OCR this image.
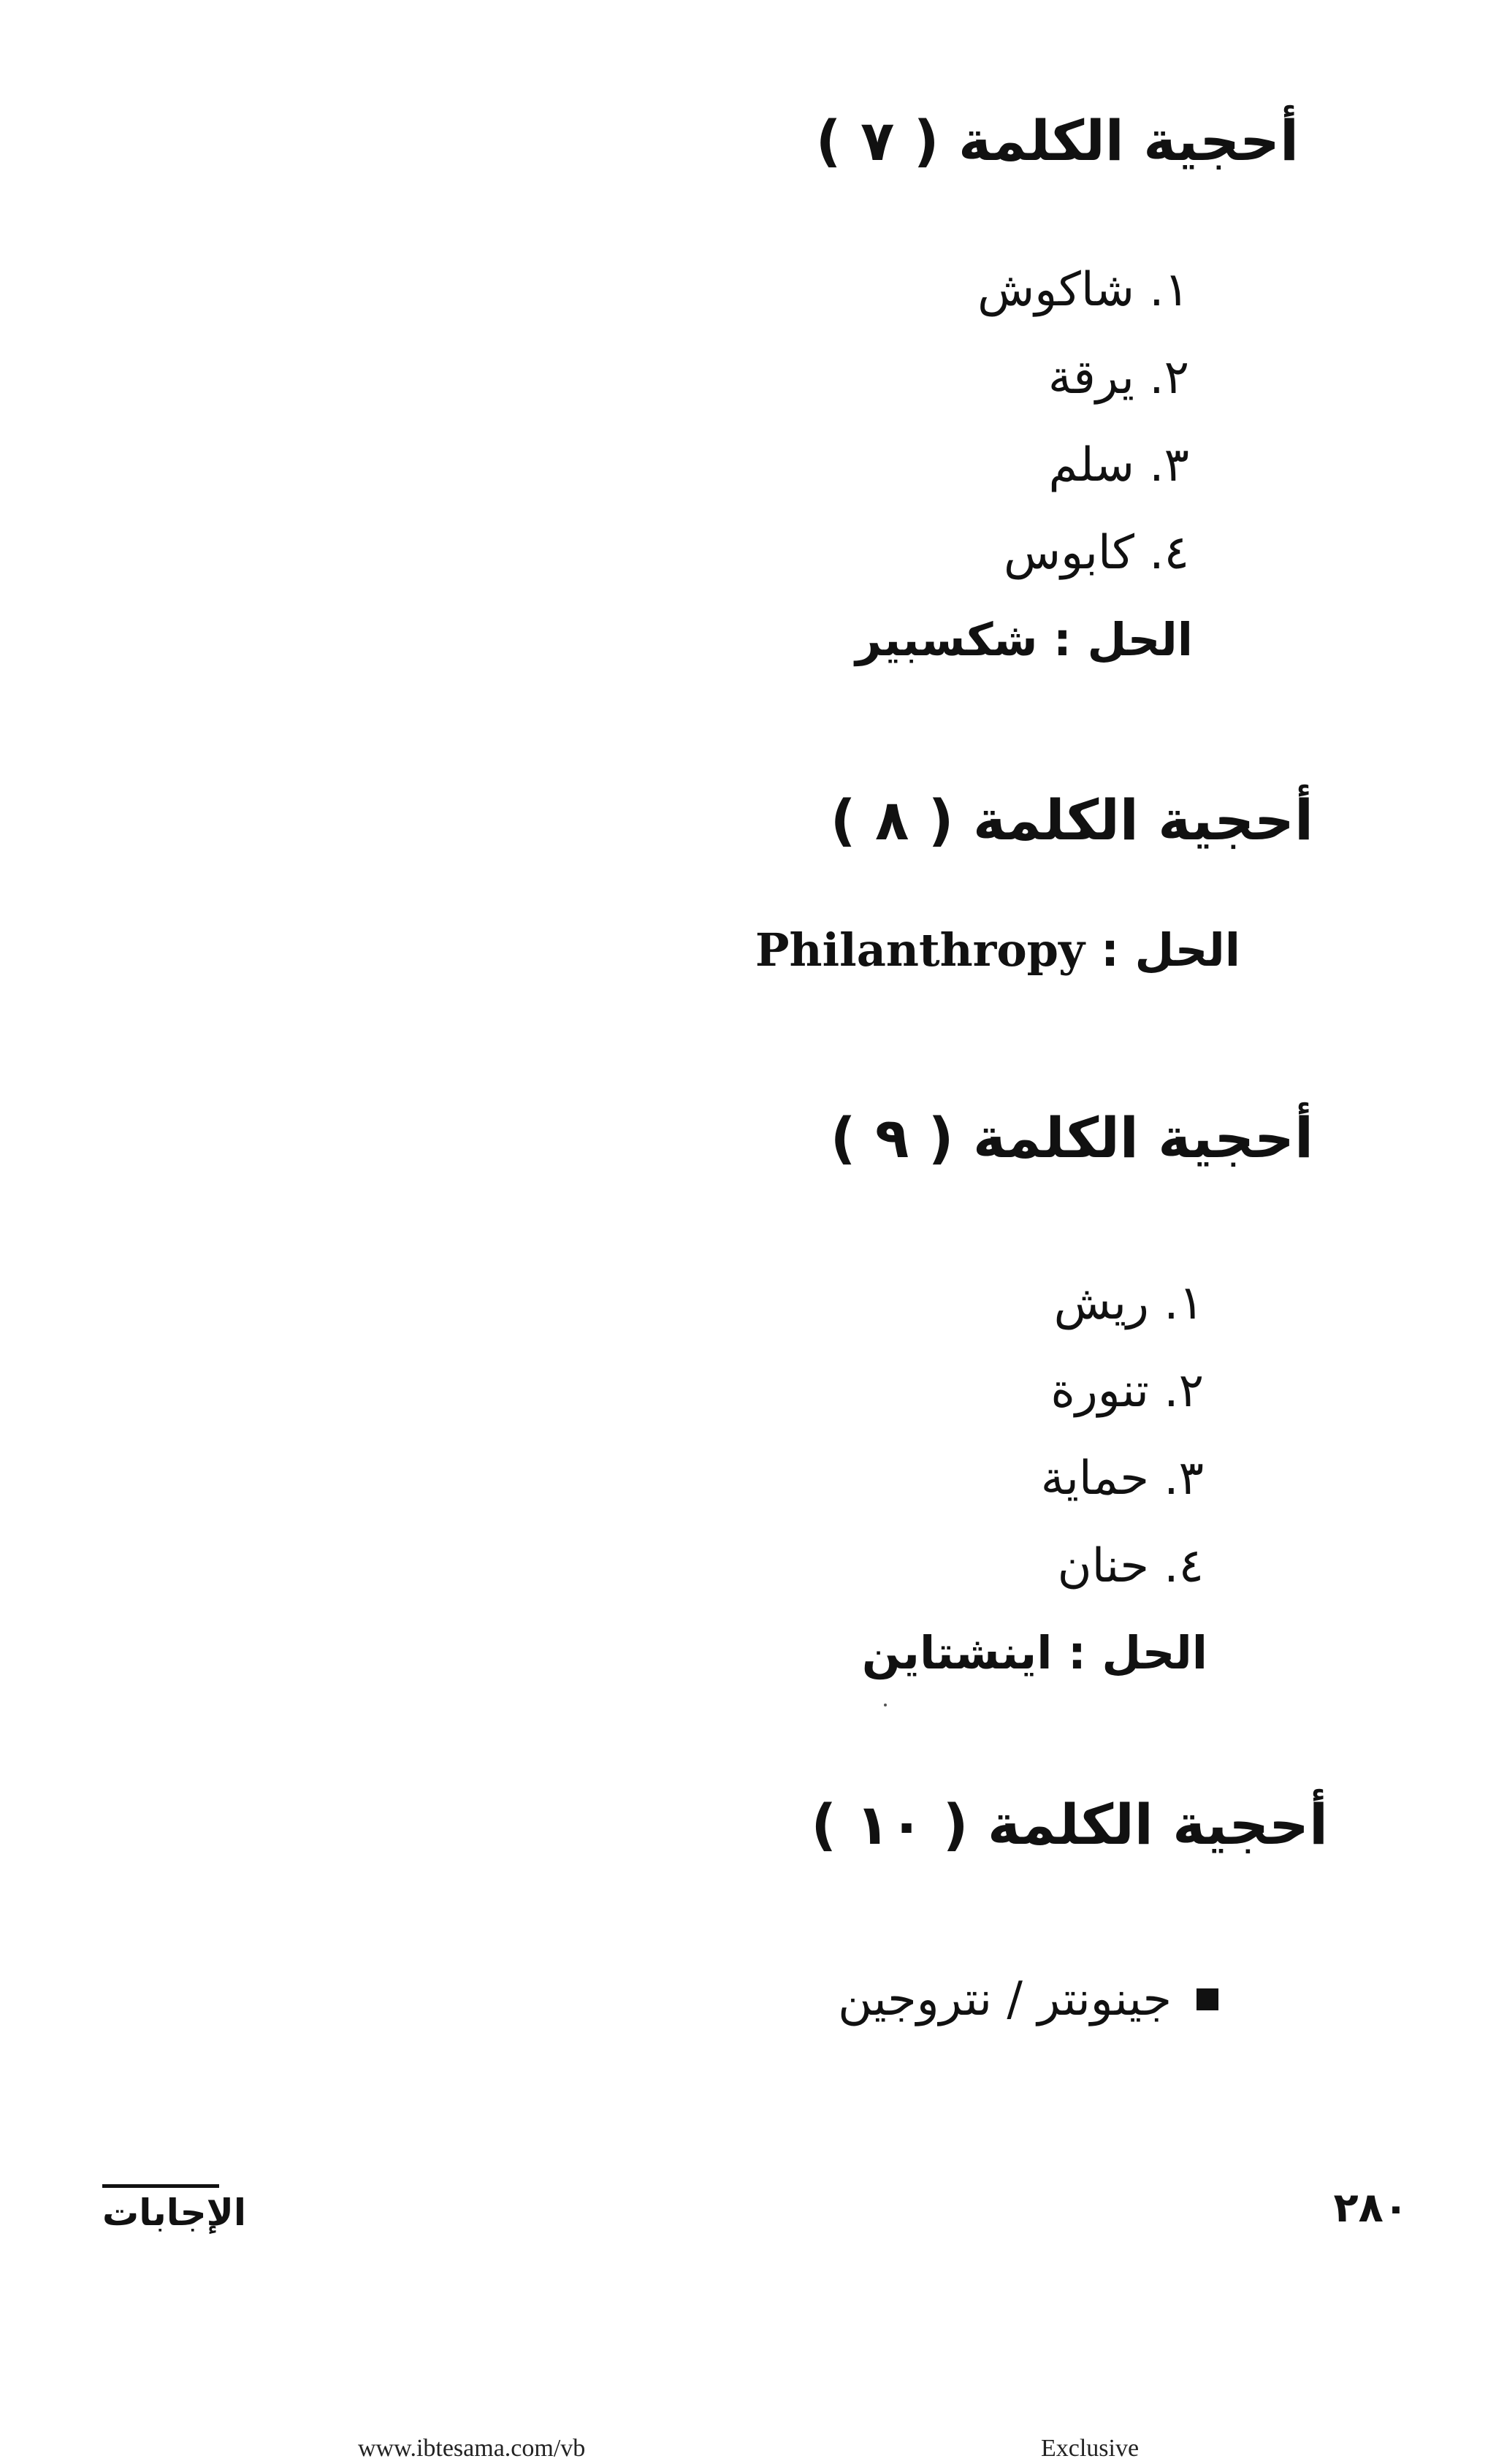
أحجية الكلمة ( ٧ )
١. شاكوش
٢. يرقة
٣. سلم
٤. كابوس
الحل : شكسبير
أحجية الكلمة ( ٨ )
الحل :
Philanthropy
أحجية الكلمة ( ٩ )
١. ريش
٢. تنورة
٣. حماية
٤. حنان
الحل : اينشتاين
أحجية الكلمة ( ١٠ )
جينونتر / نتروجين
٢٨٠
الإجابات
www.ibtesama.com/vb	Exclusive
